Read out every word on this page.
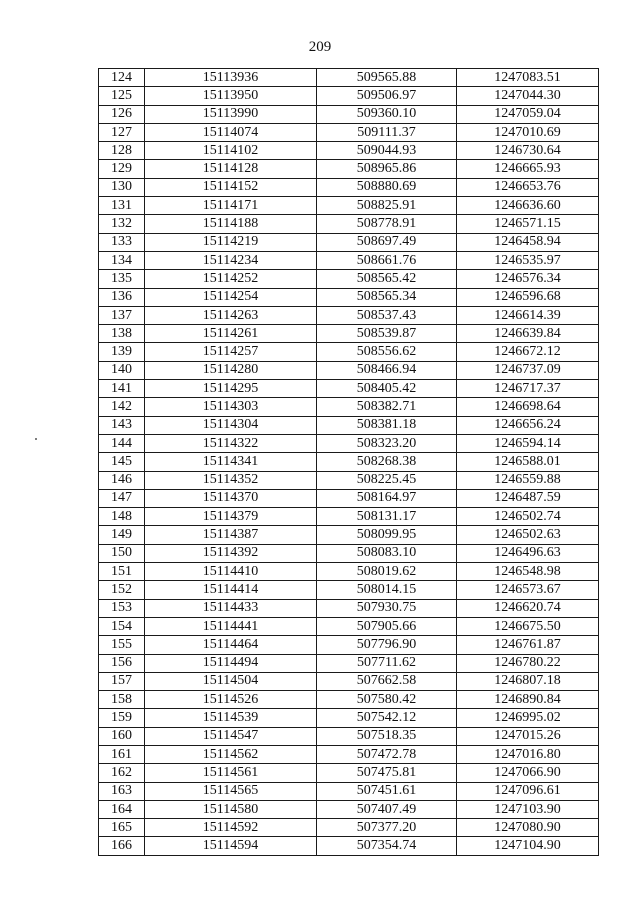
209
124	15113936	509565.88	1247083.51
125	15113950	509506.97	1247044.30
126	15113990	509360.10	1247059.04
127	15114074	509111.37	1247010.69
128	15114102	509044.93	1246730.64
129	15114128	508965.86	1246665.93
130	15114152	508880.69	1246653.76
131	15114171	508825.91	1246636.60
132	15114188	508778.91	1246571.15
133	15114219	508697.49	1246458.94
134	15114234	508661.76	1246535.97
135	15114252	508565.42	1246576.34
136	15114254	508565.34	1246596.68
137	15114263	508537.43	1246614.39
138	15114261	508539.87	1246639.84
139	15114257	508556.62	1246672.12
140	15114280	508466.94	1246737.09
141	15114295	508405.42	1246717.37
142	15114303	508382.71	1246698.64
143	15114304	508381.18	1246656.24
144	15114322	508323.20	1246594.14
145	15114341	508268.38	1246588.01
146	15114352	508225.45	1246559.88
147	15114370	508164.97	1246487.59
148	15114379	508131.17	1246502.74
149	15114387	508099.95	1246502.63
150	15114392	508083.10	1246496.63
151	15114410	508019.62	1246548.98
152	15114414	508014.15	1246573.67
153	15114433	507930.75	1246620.74
154	15114441	507905.66	1246675.50
155	15114464	507796.90	1246761.87
156	15114494	507711.62	1246780.22
157	15114504	507662.58	1246807.18
158	15114526	507580.42	1246890.84
159	15114539	507542.12	1246995.02
160	15114547	507518.35	1247015.26
161	15114562	507472.78	1247016.80
162	15114561	507475.81	1247066.90
163	15114565	507451.61	1247096.61
164	15114580	507407.49	1247103.90
165	15114592	507377.20	1247080.90
166	15114594	507354.74	1247104.90
